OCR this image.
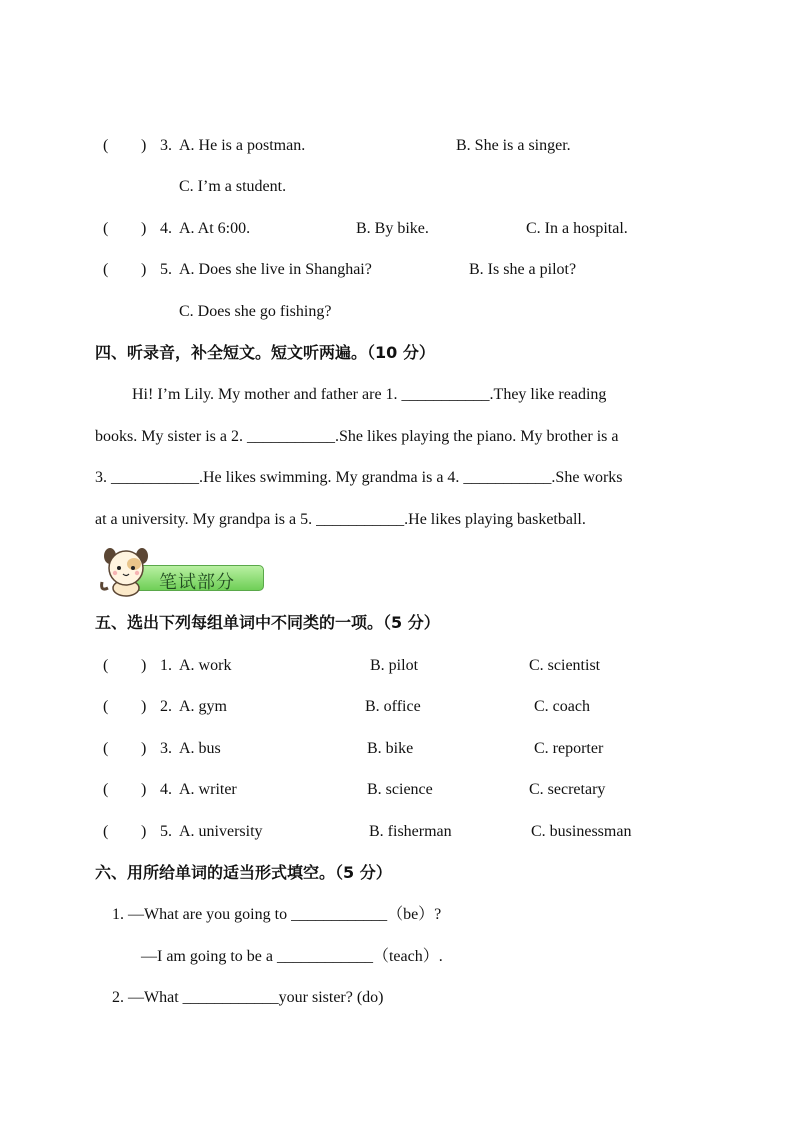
( ) 3. A. He is a postman.	B. She is a singer.
C. I’m a student.
( ) 4. A. At 6:00.	B. By bike.	C. In a hospital.
( ) 5. A. Does she live in Shanghai?	B. Is she a pilot?
C. Does she go fishing?
四、听录音，补全短文。短文听两遍。（10 分）
Hi! I’m Lily. My mother and father are 1. ___________.They like reading
books. My sister is a 2. ___________.She likes playing the piano. My brother is a
3. ___________.He likes swimming. My grandma is a 4. ___________.She works
at a university. My grandpa is a 5. ___________.He likes playing basketball.
笔试部分
五、选出下列每组单词中不同类的一项。（5 分）
( ) 1. A. work	B. pilot	C. scientist
( ) 2. A. gym	B. office	C. coach
( ) 3. A. bus	B. bike	C. reporter
( ) 4. A. writer	B. science	C. secretary
( ) 5. A. university	B. fisherman	C. businessman
六、用所给单词的适当形式填空。（5 分）
1. —What are you going to ____________（be）?
—I am going to be a ____________（teach）.
2. —What ____________your sister? (do)
